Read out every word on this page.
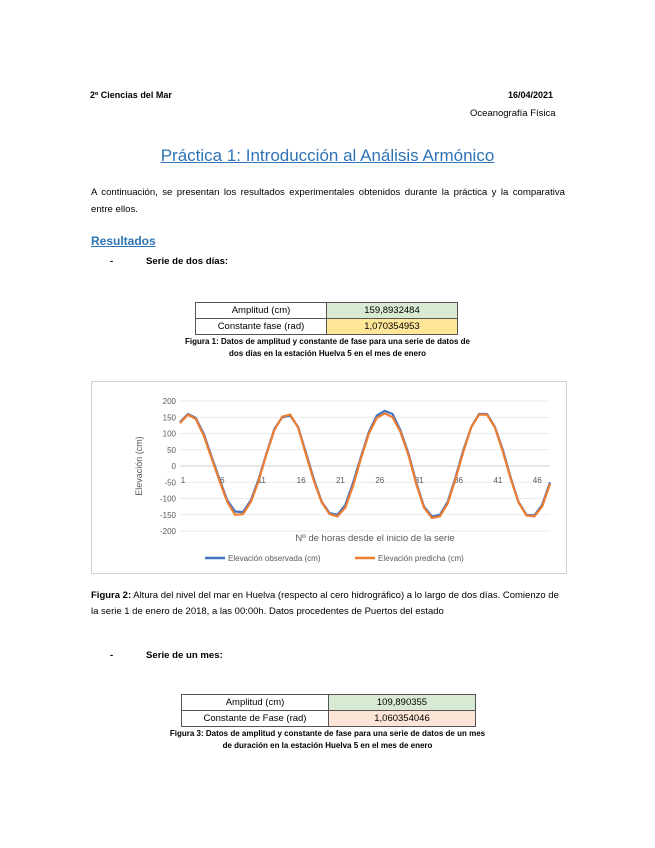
2º Ciencias del Mar	16/04/2021
Oceanografía Física
Práctica 1: Introducción al Análisis Armónico
A continuación, se presentan los resultados experimentales obtenidos durante la práctica y la comparativa entre ellos.
Resultados
-	Serie de dos días:
Amplitud (cm)	159,8932484
Constante fase (rad)	1,070354953
Figura 1: Datos de amplitud y constante de fase para una serie de datos de dos días en la estación Huelva 5 en el mes de enero
200
150
100
50
0
-50
-100
-150
-200
1	6	11	16	21	26	31	36	41	46
Elevación (cm)
Nº de horas desde el inicio de la serie
Elevación observada (cm)	Elevación predicha (cm)
Figura 2: Altura del nivel del mar en Huelva (respecto al cero hidrográfico) a lo largo de dos días. Comienzo de la serie 1 de enero de 2018, a las 00:00h. Datos procedentes de Puertos del estado
-	Serie de un mes:
Amplitud (cm)	109,890355
Constante de Fase (rad)	1,060354046
Figura 3: Datos de amplitud y constante de fase para una serie de datos de un mes de duración en la estación Huelva 5 en el mes de enero
